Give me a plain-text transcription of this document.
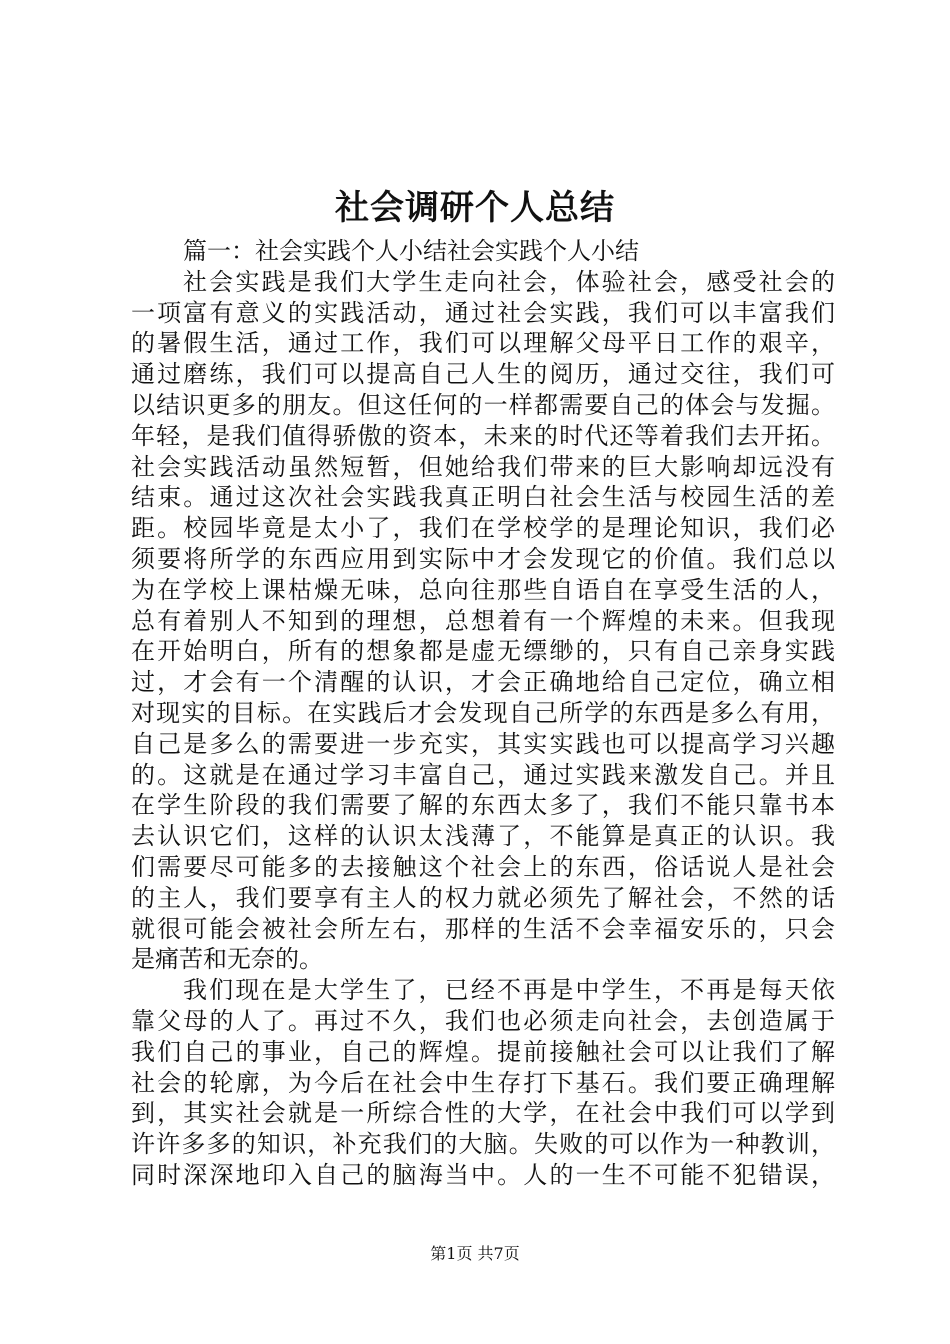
社会调研个人总结
篇一：社会实践个人小结社会实践个人小结
社会实践是我们大学生走向社会，体验社会，感受社会的
一项富有意义的实践活动，通过社会实践，我们可以丰富我们
的暑假生活，通过工作，我们可以理解父母平日工作的艰辛，
通过磨练，我们可以提高自己人生的阅历，通过交往，我们可
以结识更多的朋友。但这任何的一样都需要自己的体会与发掘。
年轻，是我们值得骄傲的资本，未来的时代还等着我们去开拓。
社会实践活动虽然短暂，但她给我们带来的巨大影响却远没有
结束。通过这次社会实践我真正明白社会生活与校园生活的差
距。校园毕竟是太小了，我们在学校学的是理论知识，我们必
须要将所学的东西应用到实际中才会发现它的价值。我们总以
为在学校上课枯燥无味，总向往那些自语自在享受生活的人，
总有着别人不知到的理想，总想着有一个辉煌的未来。但我现
在开始明白，所有的想象都是虚无缥缈的，只有自己亲身实践
过，才会有一个清醒的认识，才会正确地给自己定位，确立相
对现实的目标。在实践后才会发现自己所学的东西是多么有用，
自己是多么的需要进一步充实，其实实践也可以提高学习兴趣
的。这就是在通过学习丰富自己，通过实践来激发自己。并且
在学生阶段的我们需要了解的东西太多了，我们不能只靠书本
去认识它们，这样的认识太浅薄了，不能算是真正的认识。我
们需要尽可能多的去接触这个社会上的东西，俗话说人是社会
的主人，我们要享有主人的权力就必须先了解社会，不然的话
就很可能会被社会所左右，那样的生活不会幸福安乐的，只会
是痛苦和无奈的。
我们现在是大学生了，已经不再是中学生，不再是每天依
靠父母的人了。再过不久，我们也必须走向社会，去创造属于
我们自己的事业，自己的辉煌。提前接触社会可以让我们了解
社会的轮廓，为今后在社会中生存打下基石。我们要正确理解
到，其实社会就是一所综合性的大学，在社会中我们可以学到
许许多多的知识，补充我们的大脑。失败的可以作为一种教训，
同时深深地印入自己的脑海当中。人的一生不可能不犯错误，
第1页 共7页
